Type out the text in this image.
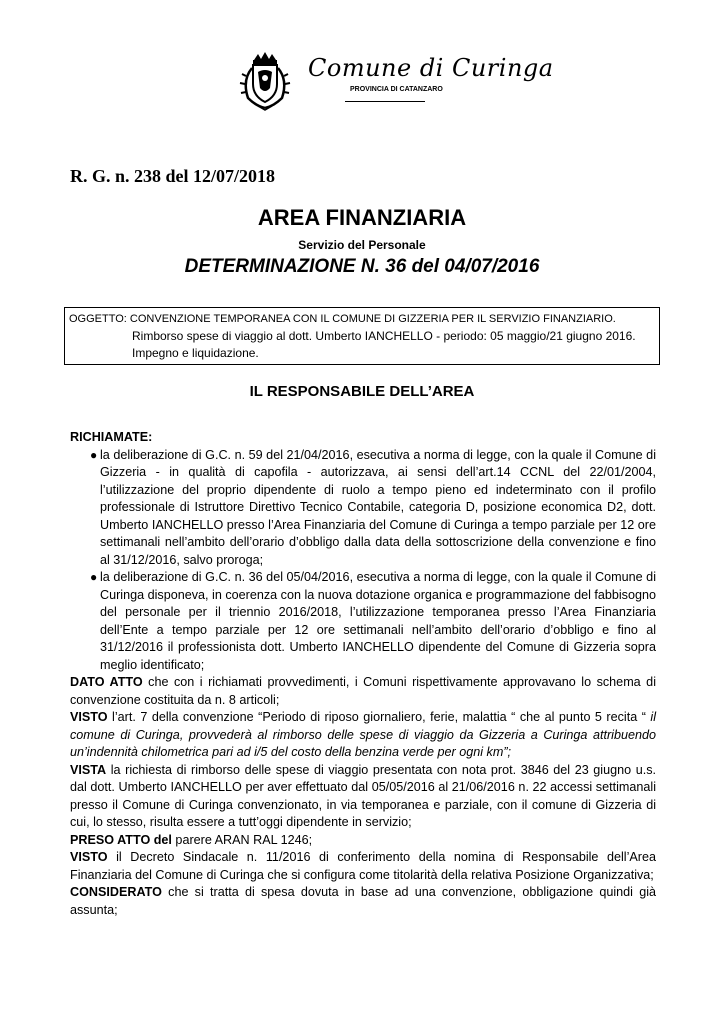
Comune di Curinga
PROVINCIA DI CATANZARO
R. G. n. 238 del 12/07/2018
AREA FINANZIARIA
Servizio del Personale
DETERMINAZIONE N. 36 del 04/07/2016
OGGETTO: CONVENZIONE TEMPORANEA CON IL COMUNE DI GIZZERIA PER IL SERVIZIO FINANZIARIO.
Rimborso spese di viaggio al dott. Umberto IANCHELLO - periodo: 05 maggio/21 giugno 2016. Impegno e liquidazione.
IL RESPONSABILE DELL’AREA

RICHIAMATE:

● la deliberazione di G.C. n. 59 del 21/04/2016, esecutiva a norma di legge, con la quale il Comune di Gizzeria - in qualità di capofila - autorizzava, ai sensi dell’art.14 CCNL del 22/01/2004, l’utilizzazione del proprio dipendente di ruolo a tempo pieno ed indeterminato con il profilo professionale di Istruttore Direttivo Tecnico Contabile, categoria D, posizione economica D2, dott. Umberto IANCHELLO presso l’Area Finanziaria del Comune di Curinga a tempo parziale per 12 ore settimanali nell’ambito dell’orario d’obbligo dalla data della sottoscrizione della convenzione e fino al 31/12/2016, salvo proroga;
● la deliberazione di G.C. n. 36 del 05/04/2016, esecutiva a norma di legge, con la quale il Comune di Curinga disponeva, in coerenza con la nuova dotazione organica e programmazione del fabbisogno del personale per il triennio 2016/2018, l’utilizzazione temporanea presso l’Area Finanziaria dell’Ente a tempo parziale per 12 ore settimanali nell’ambito dell’orario d’obbligo e fino al 31/12/2016 il professionista dott. Umberto IANCHELLO dipendente del Comune di Gizzeria sopra meglio identificato;

DATO ATTO che con i richiamati provvedimenti, i Comuni rispettivamente approvavano lo schema di convenzione costituita da n. 8 articoli;

VISTO l’art. 7 della convenzione “Periodo di riposo giornaliero, ferie, malattia “ che al punto 5 recita “ il comune di Curinga, provvederà al rimborso delle spese di viaggio da Gizzeria a Curinga attribuendo un’indennità chilometrica pari ad i/5 del costo della benzina verde per ogni km”;

VISTA la richiesta di rimborso delle spese di viaggio presentata con nota prot. 3846 del 23 giugno u.s. dal dott. Umberto IANCHELLO per aver effettuato dal 05/05/2016 al 21/06/2016 n. 22 accessi settimanali presso il Comune di Curinga convenzionato, in via temporanea e parziale, con il comune di Gizzeria di cui, lo stesso, risulta essere a tutt’oggi dipendente in servizio;

PRESO ATTO del parere ARAN RAL 1246;

VISTO il Decreto Sindacale n. 11/2016 di conferimento della nomina di Responsabile dell’Area Finanziaria del Comune di Curinga che si configura come titolarità della relativa Posizione Organizzativa;

CONSIDERATO che si tratta di spesa dovuta in base ad una convenzione, obbligazione quindi già assunta;
